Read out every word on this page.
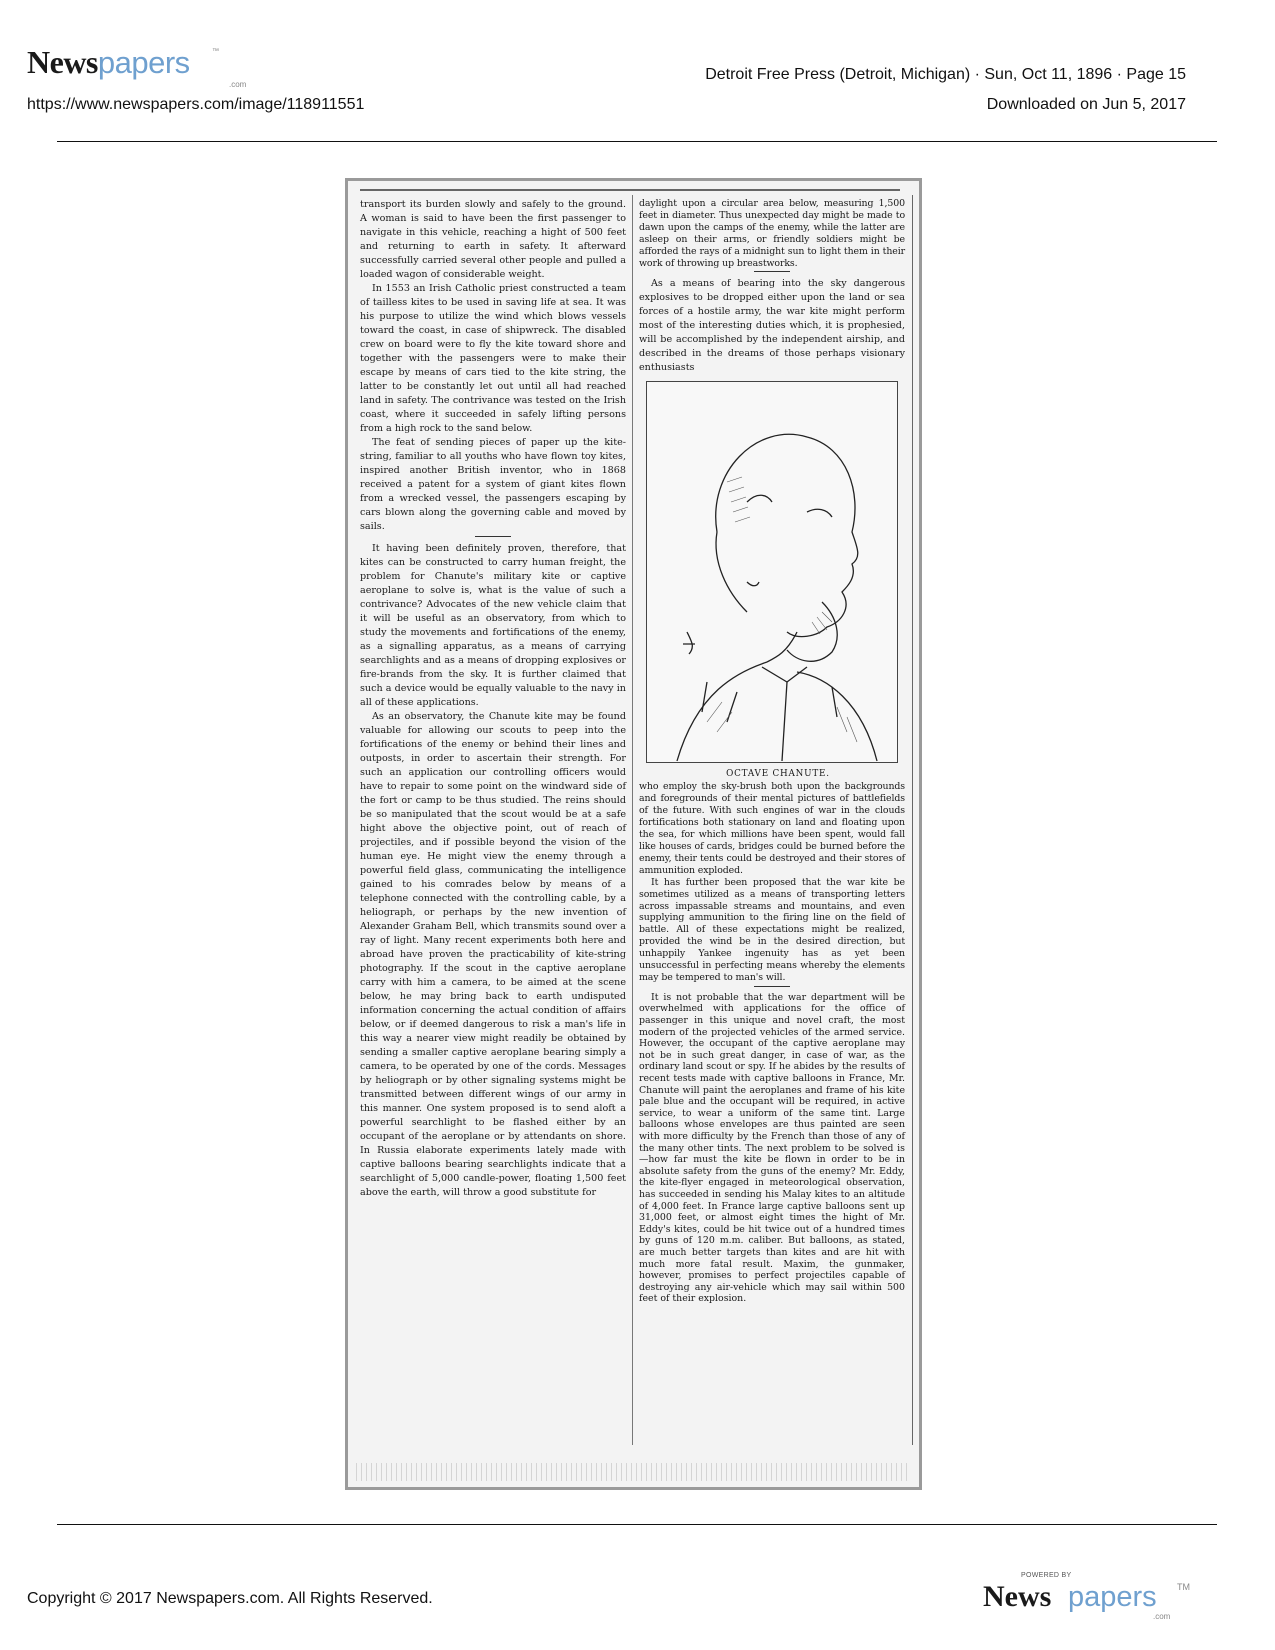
Newspapers	™
.com
https://www.newspapers.com/image/118911551
Detroit Free Press (Detroit, Michigan) · Sun, Oct 11, 1896 · Page 15
Downloaded on Jun 5, 2017

transport its burden slowly and safely to the ground. A woman is said to have been the first passenger to navigate in this vehicle, reaching a hight of 500 feet and returning to earth in safety. It afterward successfully carried several other people and pulled a loaded wagon of considerable weight.

In 1553 an Irish Catholic priest constructed a team of tailless kites to be used in saving life at sea. It was his purpose to utilize the wind which blows vessels toward the coast, in case of shipwreck. The disabled crew on board were to fly the kite toward shore and together with the passengers were to make their escape by means of cars tied to the kite string, the latter to be constantly let out until all had reached land in safety. The contrivance was tested on the Irish coast, where it succeeded in safely lifting persons from a high rock to the sand below.

The feat of sending pieces of paper up the kite-string, familiar to all youths who have flown toy kites, inspired another British inventor, who in 1868 received a patent for a system of giant kites flown from a wrecked vessel, the passengers escaping by cars blown along the governing cable and moved by sails.

It having been definitely proven, therefore, that kites can be constructed to carry human freight, the problem for Chanute's military kite or captive aeroplane to solve is, what is the value of such a contrivance? Advocates of the new vehicle claim that it will be useful as an observatory, from which to study the movements and fortifications of the enemy, as a signalling apparatus, as a means of carrying searchlights and as a means of dropping explosives or fire-brands from the sky. It is further claimed that such a device would be equally valuable to the navy in all of these applications.

As an observatory, the Chanute kite may be found valuable for allowing our scouts to peep into the fortifications of the enemy or behind their lines and outposts, in order to ascertain their strength. For such an application our controlling officers would have to repair to some point on the windward side of the fort or camp to be thus studied. The reins should be so manipulated that the scout would be at a safe hight above the objective point, out of reach of projectiles, and if possible beyond the vision of the human eye. He might view the enemy through a powerful field glass, communicating the intelligence gained to his comrades below by means of a telephone connected with the controlling cable, by a heliograph, or perhaps by the new invention of Alexander Graham Bell, which transmits sound over a ray of light. Many recent experiments both here and abroad have proven the practicability of kite-string photography. If the scout in the captive aeroplane carry with him a camera, to be aimed at the scene below, he may bring back to earth undisputed information concerning the actual condition of affairs below, or if deemed dangerous to risk a man's life in this way a nearer view might readily be obtained by sending a smaller captive aeroplane bearing simply a camera, to be operated by one of the cords. Messages by heliograph or by other signaling systems might be transmitted between different wings of our army in this manner. One system proposed is to send aloft a powerful searchlight to be flashed either by an occupant of the aeroplane or by attendants on shore. In Russia elaborate experiments lately made with captive balloons bearing searchlights indicate that a searchlight of 5,000 candle-power, floating 1,500 feet above the earth, will throw a good substitute for

daylight upon a circular area below, measuring 1,500 feet in diameter. Thus unexpected day might be made to dawn upon the camps of the enemy, while the latter are asleep on their arms, or friendly soldiers might be afforded the rays of a midnight sun to light them in their work of throwing up breastworks.

As a means of bearing into the sky dangerous explosives to be dropped either upon the land or sea forces of a hostile army, the war kite might perform most of the interesting duties which, it is prophesied, will be accomplished by the independent airship, and described in the dreams of those perhaps visionary enthusiasts

OCTAVE CHANUTE.

who employ the sky-brush both upon the backgrounds and foregrounds of their mental pictures of battlefields of the future. With such engines of war in the clouds fortifications both stationary on land and floating upon the sea, for which millions have been spent, would fall like houses of cards, bridges could be burned before the enemy, their tents could be destroyed and their stores of ammunition exploded.

It has further been proposed that the war kite be sometimes utilized as a means of transporting letters across impassable streams and mountains, and even supplying ammunition to the firing line on the field of battle. All of these expectations might be realized, provided the wind be in the desired direction, but unhappily Yankee ingenuity has as yet been unsuccessful in perfecting means whereby the elements may be tempered to man's will.

It is not probable that the war department will be overwhelmed with applications for the office of passenger in this unique and novel craft, the most modern of the projected vehicles of the armed service. However, the occupant of the captive aeroplane may not be in such great danger, in case of war, as the ordinary land scout or spy. If he abides by the results of recent tests made with captive balloons in France, Mr. Chanute will paint the aeroplanes and frame of his kite pale blue and the occupant will be required, in active service, to wear a uniform of the same tint. Large balloons whose envelopes are thus painted are seen with more difficulty by the French than those of any of the many other tints. The next problem to be solved is—how far must the kite be flown in order to be in absolute safety from the guns of the enemy? Mr. Eddy, the kite-flyer engaged in meteorological observation, has succeeded in sending his Malay kites to an altitude of 4,000 feet. In France large captive balloons sent up 31,000 feet, or almost eight times the hight of Mr. Eddy's kites, could be hit twice out of a hundred times by guns of 120 m.m. caliber. But balloons, as stated, are much better targets than kites and are hit with much more fatal result. Maxim, the gunmaker, however, promises to perfect projectiles capable of destroying any air-vehicle which may sail within 500 feet of their explosion.

Copyright © 2017 Newspapers.com. All Rights Reserved.
POWERED BY
News papers TM
.com
